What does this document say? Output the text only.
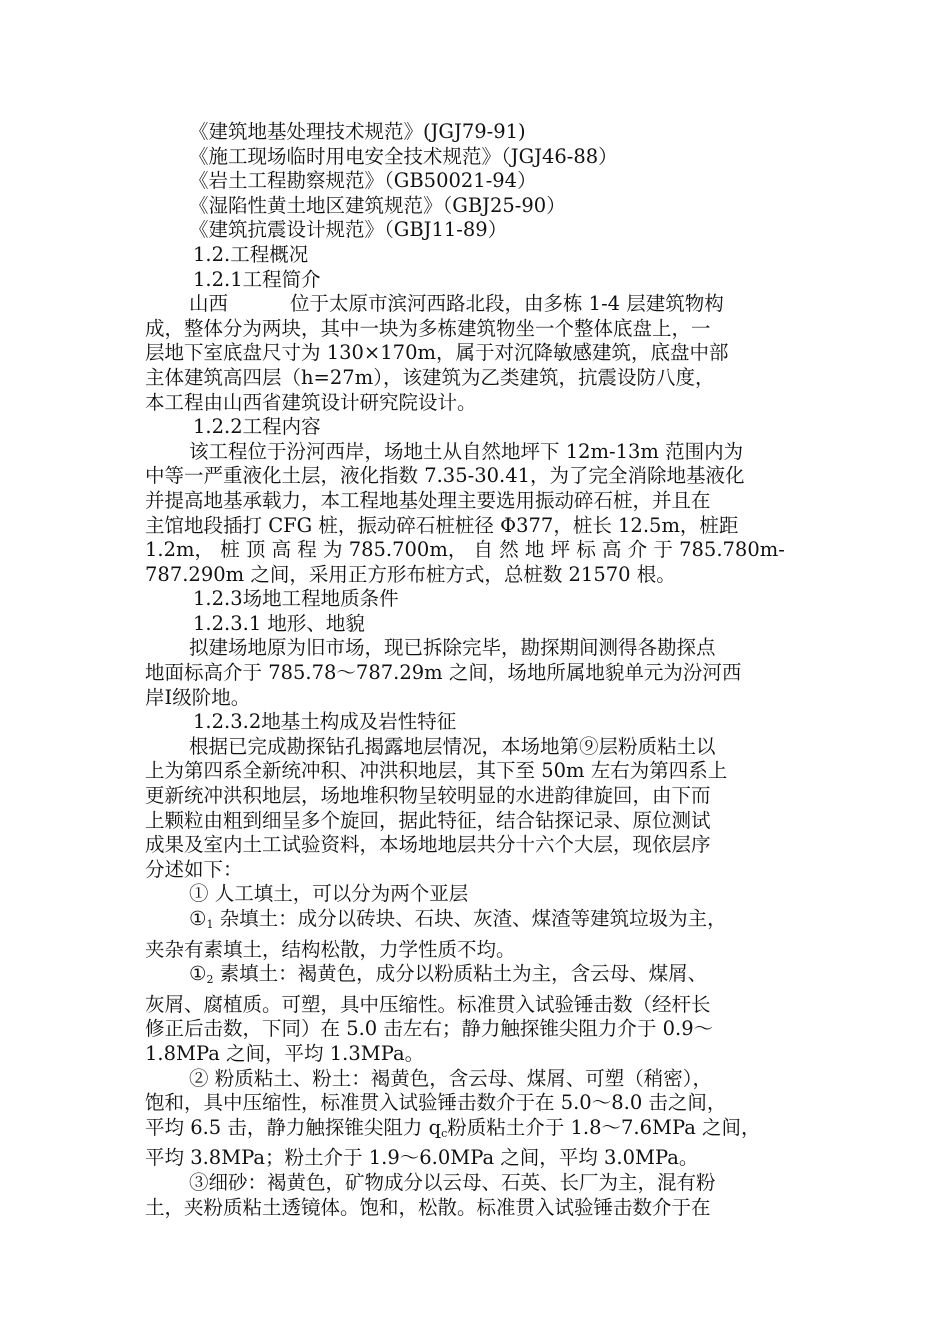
《建筑地基处理技术规范》(JGJ79-91)

《施工现场临时用电安全技术规范》（JGJ46-88）

《岩土工程勘察规范》（GB50021-94）

《湿陷性黄土地区建筑规范》（GBJ25-90）

《建筑抗震设计规范》（GBJ11-89）

1.2.工程概况

1.2.1工程简介

山西          位于太原市滨河西路北段，由多栋 1-4 层建筑物构

成，整体分为两块，其中一块为多栋建筑物坐一个整体底盘上，一

层地下室底盘尺寸为 130×170m，属于对沉降敏感建筑，底盘中部

主体建筑高四层（h=27m），该建筑为乙类建筑，抗震设防八度，

本工程由山西省建筑设计研究院设计。

1.2.2工程内容

该工程位于汾河西岸，场地土从自然地坪下 12m-13m 范围内为

中等一严重液化土层，液化指数 7.35-30.41，为了完全消除地基液化

并提高地基承载力，本工程地基处理主要选用振动碎石桩，并且在

主馆地段插打 CFG 桩，振动碎石桩桩径 Φ377，桩长 12.5m，桩距

1.2m， 桩 顶 高 程 为 785.700m， 自 然 地 坪 标 高 介 于 785.780m-

787.290m 之间，采用正方形布桩方式，总桩数 21570 根。

1.2.3场地工程地质条件

1.2.3.1 地形、地貌

拟建场地原为旧市场，现已拆除完毕，勘探期间测得各勘探点

地面标高介于 785.78～787.29m 之间，场地所属地貌单元为汾河西

岸Ⅰ级阶地。

1.2.3.2地基土构成及岩性特征

根据已完成勘探钻孔揭露地层情况，本场地第⑨层粉质粘土以

上为第四系全新统冲积、冲洪积地层，其下至 50m 左右为第四系上

更新统冲洪积地层，场地堆积物呈较明显的水进韵律旋回，由下而

上颗粒由粗到细呈多个旋回，据此特征，结合钻探记录、原位测试

成果及室内土工试验资料，本场地地层共分十六个大层，现依层序

分述如下：

① 人工填土，可以分为两个亚层

$①_1$ 杂填土：成分以砖块、石块、灰渣、煤渣等建筑垃圾为主，

夹杂有素填土，结构松散，力学性质不均。

$①_2$ 素填土：褐黄色，成分以粉质粘土为主，含云母、煤屑、

灰屑、腐植质。可塑，具中压缩性。标准贯入试验锤击数（经杆长

修正后击数，下同）在 5.0 击左右；静力触探锥尖阻力介于 0.9～

1.8MPa 之间，平均 1.3MPa。

② 粉质粘土、粉土：褐黄色，含云母、煤屑、可塑（稍密），

饱和，具中压缩性，标准贯入试验锤击数介于在 5.0～8.0 击之间，

平均 6.5 击，静力触探锥尖阻力 $q_c$粉质粘土介于 1.8～7.6MPa 之间，

平均 3.8MPa；粉土介于 1.9～6.0MPa 之间，平均 3.0MPa。

③细砂：褐黄色，矿物成分以云母、石英、长厂为主，混有粉

土，夹粉质粘土透镜体。饱和，松散。标准贯入试验锤击数介于在
